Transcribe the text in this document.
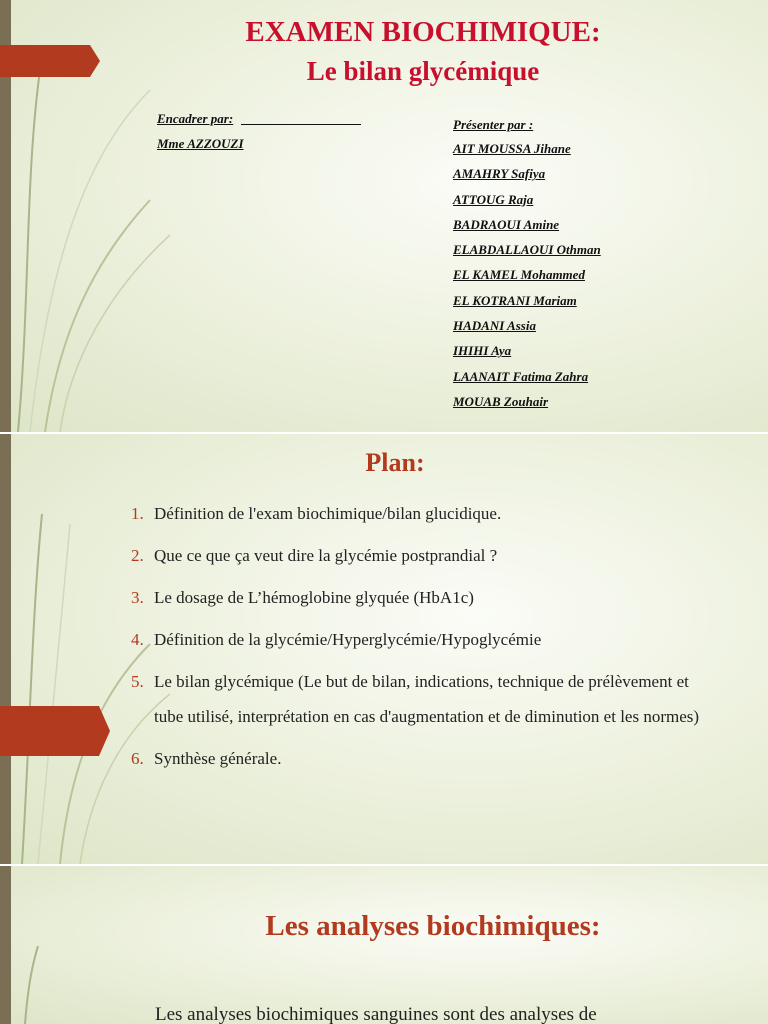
EXAMEN BIOCHIMIQUE:
Le bilan glycémique
Encadrer par:
Mme AZZOUZI
Présenter par :
AIT MOUSSA Jihane
AMAHRY Safiya
ATTOUG Raja
BADRAOUI Amine
ELABDALLAOUI Othman
EL KAMEL Mohammed
EL KOTRANI Mariam
HADANI Assia
IHIHI Aya
LAANAIT Fatima Zahra
MOUAB Zouhair
Plan:
1. Définition de l'exam biochimique/bilan glucidique.
2. Que ce que ça veut dire la glycémie postprandial ?
3. Le dosage de L’hémoglobine glyquée (HbA1c)
4. Définition de la glycémie/Hyperglycémie/Hypoglycémie
5. Le bilan glycémique (Le but de bilan, indications, technique de prélèvement et tube utilisé, interprétation en cas d'augmentation et de diminution et les normes)
6. Synthèse générale.
Les analyses biochimiques:
Les analyses biochimiques sanguines sont des analyses de
